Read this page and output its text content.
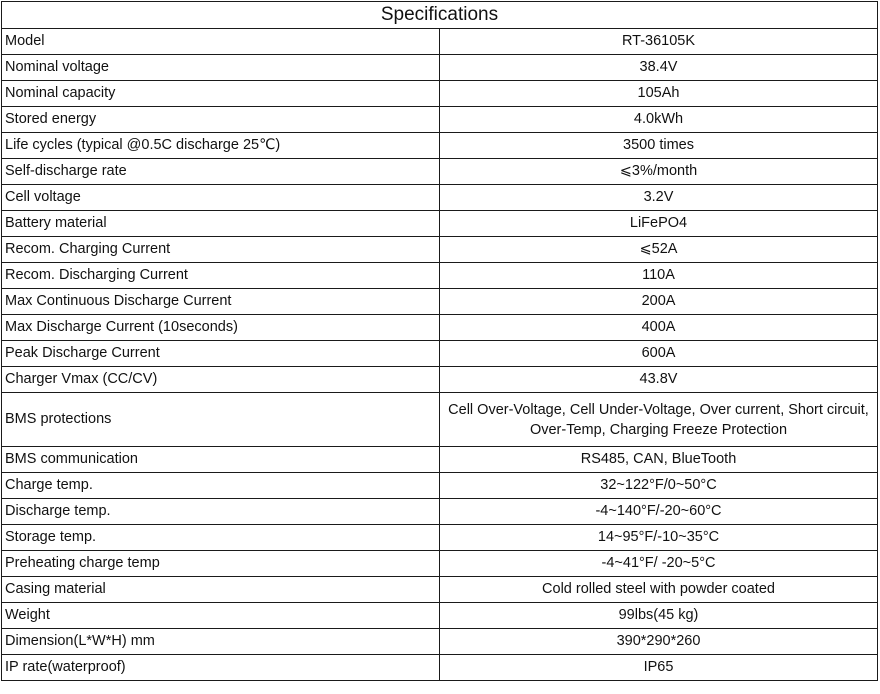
Specifications	
Model	RT-36105K
Nominal voltage	38.4V
Nominal capacity	105Ah
Stored energy	4.0kWh
Life cycles (typical @0.5C discharge 25℃)	3500 times
Self-discharge rate	⩽3%/month
Cell voltage	3.2V
Battery material	LiFePO4
Recom. Charging Current	⩽52A
Recom. Discharging Current	110A
Max Continuous Discharge Current	200A
Max Discharge Current (10seconds)	400A
Peak Discharge Current	600A
Charger Vmax (CC/CV)	43.8V
BMS protections	Cell Over-Voltage, Cell Under-Voltage, Over current, Short circuit, Over-Temp, Charging Freeze Protection
BMS communication	RS485, CAN, BlueTooth
Charge temp.	32~122°F/0~50°C
Discharge temp.	-4~140°F/-20~60°C
Storage temp.	14~95°F/-10~35°C
Preheating charge temp	-4~41°F/ -20~5°C
Casing material	Cold rolled steel with powder coated
Weight	99lbs(45 kg)
Dimension(L*W*H) mm	390*290*260
IP rate(waterproof)	IP65
